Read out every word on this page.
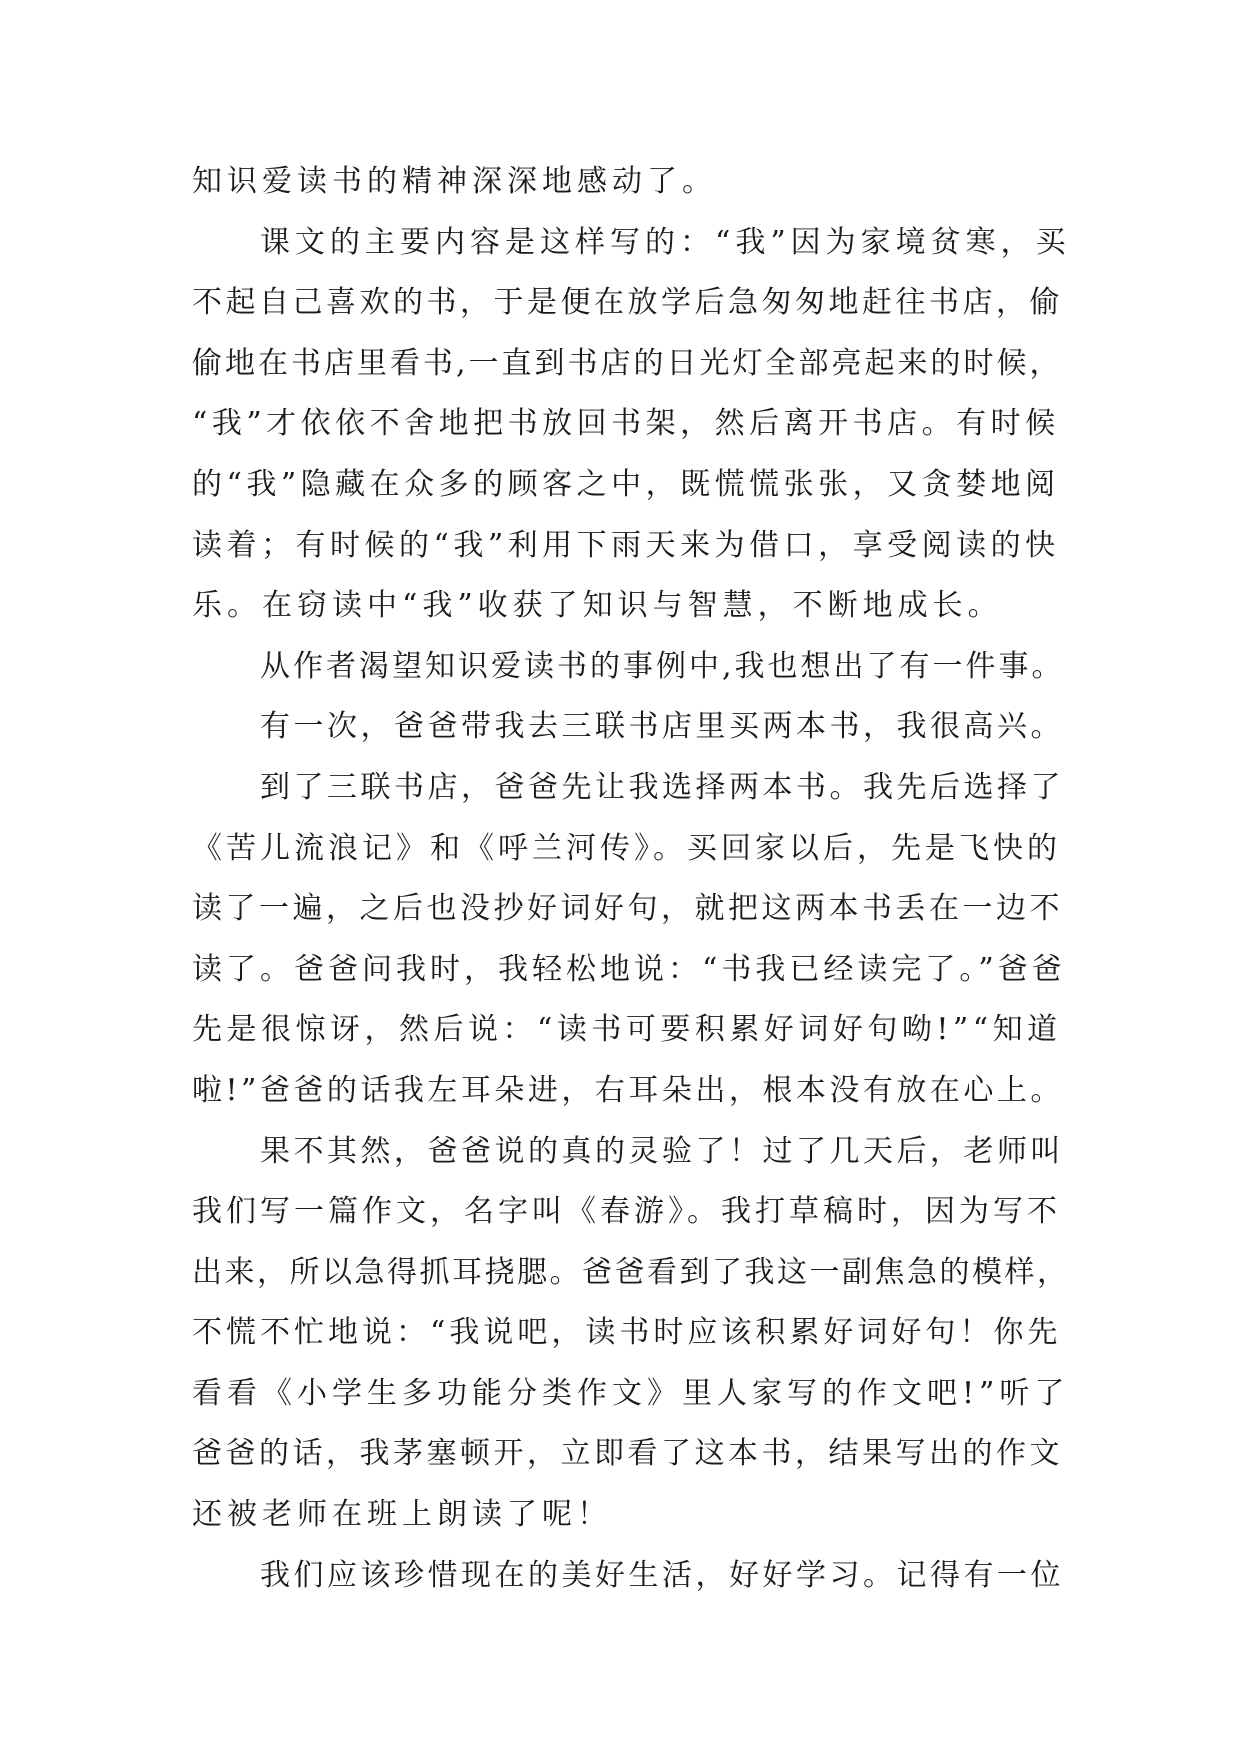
知识爱读书的精神深深地感动了。
课文的主要内容是这样写的：“我”因为家境贫寒，买
不起自己喜欢的书，于是便在放学后急匆匆地赶往书店，偷
偷地在书店里看书,一直到书店的日光灯全部亮起来的时候，
“我”才依依不舍地把书放回书架，然后离开书店。有时候
的“我”隐藏在众多的顾客之中，既慌慌张张，又贪婪地阅
读着；有时候的“我”利用下雨天来为借口，享受阅读的快
乐。在窃读中“我”收获了知识与智慧，不断地成长。
从作者渴望知识爱读书的事例中,我也想出了有一件事。
有一次，爸爸带我去三联书店里买两本书，我很高兴。
到了三联书店，爸爸先让我选择两本书。我先后选择了
《苦儿流浪记》和《呼兰河传》。买回家以后，先是飞快的
读了一遍，之后也没抄好词好句，就把这两本书丢在一边不
读了。爸爸问我时，我轻松地说：“书我已经读完了。”爸爸
先是很惊讶，然后说：“读书可要积累好词好句呦!”“知道
啦!”爸爸的话我左耳朵进，右耳朵出，根本没有放在心上。
果不其然，爸爸说的真的灵验了！过了几天后，老师叫
我们写一篇作文，名字叫《春游》。我打草稿时，因为写不
出来，所以急得抓耳挠腮。爸爸看到了我这一副焦急的模样，
不慌不忙地说：“我说吧，读书时应该积累好词好句！你先
看看《小学生多功能分类作文》里人家写的作文吧!”听了
爸爸的话，我茅塞顿开，立即看了这本书，结果写出的作文
还被老师在班上朗读了呢！
我们应该珍惜现在的美好生活，好好学习。记得有一位
